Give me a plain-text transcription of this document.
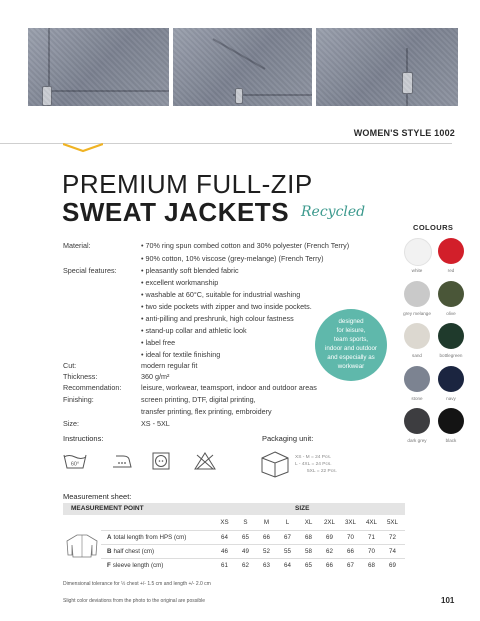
WOMEN'S STYLE 1002
PREMIUM FULL-ZIP
SWEAT JACKETS Recycled
Material:	• 70% ring spun combed cotton and 30% polyester (French Terry)
• 90% cotton, 10% viscose (grey-melange) (French Terry)
Special features:	• pleasantly soft blended fabric
• excellent workmanship
• washable at 60°C, suitable for industrial washing
• two side pockets with zipper and two inside pockets.
• anti-pilling and preshrunk, high colour fastness
• stand-up collar and athletic look
• label free
• ideal for textile finishing
Cut:	modern regular fit
Thickness:	360 g/m²
Recommendation:	leisure, workwear, teamsport, indoor and outdoor areas
Finishing:	screen printing, DTF, digital printing,
transfer printing, flex printing, embroidery
Size:	XS - 5XL
designed
for leisure,
team sports,
indoor and outdoor
and especially as
workwear
COLOURS
white	red
grey melange	olive
sand	bottlegreen
stone	navy
dark grey	black
Instructions:
60°
Packaging unit:
XS - M = 24 Pcs.
L - 4XL = 24 Pcs.
5XL = 22 Pcs.
Measurement sheet:
MEASUREMENT POINT	SIZE
XS	S	M	L	XL	2XL	3XL	4XL	5XL
A total length from HPS (cm)	64	65	66	67	68	69	70	71	72
B half chest (cm)	46	49	52	55	58	62	66	70	74
F sleeve length (cm)	61	62	63	64	65	66	67	68	69
Dimensional tolerance for ½ chest +/- 1.5 cm and length +/- 2.0 cm
Slight color deviations from the photo to the original are possible	101
